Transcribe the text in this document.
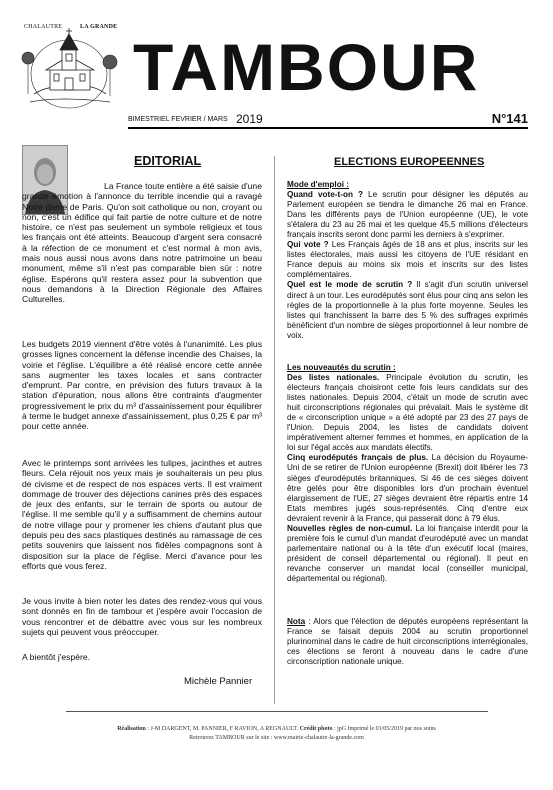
CHALAUTRE	LA GRANDE
TAMBOUR
BIMESTRIEL FEVRIER / MARS 2019	N°141
EDITORIAL

La France toute entière a été saisie d'une grande émotion à l'annonce du terrible incendie qui a ravagé Notre dame de Paris. Qu'on soit catholique ou non, croyant ou non, c'est un édifice qui fait partie de notre culture et de notre histoire, ce n'est pas seulement un symbole religieux et tous les français ont été atteints. Beaucoup d'argent sera consacré à la réfection de ce monument et c'est normal à mon avis, mais nous aussi nous avons dans notre patrimoine un beau monument, même s'il n'est pas comparable bien sûr : notre église. Espérons qu'il restera assez pour la subvention que nous demandons à la Direction Régionale des Affaires Culturelles.

Les budgets 2019 viennent d'être votés à l'unanimité. Les plus grosses lignes concernent la défense incendie des Chaises, la voirie et l'église. L'équilibre a été réalisé encore cette année sans augmenter les taxes locales et sans contracter d'emprunt. Par contre, en prévision des futurs travaux à la station d'épuration, nous allons être contraints d'augmenter progressivement le prix du m³ d'assainissement pour équilibrer à terme le budget annexe d'assainissement, plus 0,25 € par m³ pour cette année.

Avec le printemps sont arrivées les tulipes, jacinthes et autres fleurs. Cela réjouit nos yeux mais je souhaiterais un peu plus de civisme et de respect de nos espaces verts. Il est vraiment dommage de trouver des déjections canines près des espaces de jeux des enfants, sur le terrain de sports ou autour de l'église. Il me semble qu'il y a suffisamment de chemins autour de notre village pour y promener les chiens d'autant plus que depuis peu des sacs plastiques destinés au ramassage de ces petits souvenirs que laissent nos fidèles compagnons sont à disposition sur la place de l'église. Merci d'avance pour les efforts que vous ferez.

Je vous invite à bien noter les dates des rendez-vous qui vous sont donnés en fin de tambour et j'espère avoir l'occasion de vous rencontrer et de débattre avec vous sur les nombreux sujets qui peuvent vous préoccuper.

A bientôt j'espère.
Michèle Pannier
ELECTIONS EUROPEENNES
Mode d'emploi :

Quand vote-t-on ? Le scrutin pour désigner les députés au Parlement européen se tiendra le dimanche 26 mai en France. Dans les différents pays de l'Union européenne (UE), le vote s'étalera du 23 au 26 mai et les quelque 45,5 millions d'électeurs français inscrits seront donc parmi les derniers à s'exprimer.

Qui vote ? Les Français âgés de 18 ans et plus, inscrits sur les listes électorales, mais aussi les citoyens de l'UE résidant en France depuis au moins six mois et inscrits sur des listes complémentaires.

Quel est le mode de scrutin ? Il s'agit d'un scrutin universel direct à un tour. Les eurodéputés sont élus pour cinq ans selon les règles de la proportionnelle à la plus forte moyenne. Seules les listes qui franchissent la barre des 5 % des suffrages exprimés bénéficient d'un nombre de sièges proportionnel à leur nombre de voix.

Les nouveautés du scrutin :

Des listes nationales. Principale évolution du scrutin, les électeurs français choisiront cette fois leurs candidats sur des listes nationales. Depuis 2004, c'était un mode de scrutin avec huit circonscriptions régionales qui prévalait. Mais le système dit de « circonscription unique » a été adopté par 23 des 27 pays de l'Union. Depuis 2004, les listes de candidats doivent impérativement alterner femmes et hommes, en application de la loi sur l'égal accès aux mandats électifs.

Cinq eurodéputés français de plus. La décision du Royaume-Uni de se retirer de l'Union européenne (Brexit) doit libérer les 73 sièges d'eurodéputés britanniques. Si 46 de ces sièges doivent être gelés pour être disponibles lors d'un prochain éventuel élargissement de l'UE, 27 sièges devraient être répartis entre 14 Etats membres jugés sous-représentés. Cinq d'entre eux devraient revenir à la France, qui passerait donc à 79 élus.

Nouvelles règles de non-cumul. La loi française interdit pour la première fois le cumul d'un mandat d'eurodéputé avec un mandat parlementaire national ou à la tête d'un exécutif local (maires, président de conseil départemental ou régional). Il peut en revanche conserver un mandat local (conseiller municipal, départemental ou régional).

Nota : Alors que l'élection de députés européens représentant la France se faisait depuis 2004 au scrutin proportionnel plurinominal dans le cadre de huit circonscriptions interrégionales, ces élections se feront à nouveau dans le cadre d'une circonscription nationale unique.

Réalisation : J-M DARGENT, M. PANNIER, F RAVION, A REGNAULT. Crédit photo : jpG Imprimé le 01/05/2019 par nos soins
Retrouvez TAMBOUR sur le site : www.mairie-chalautre-la-grande.com
